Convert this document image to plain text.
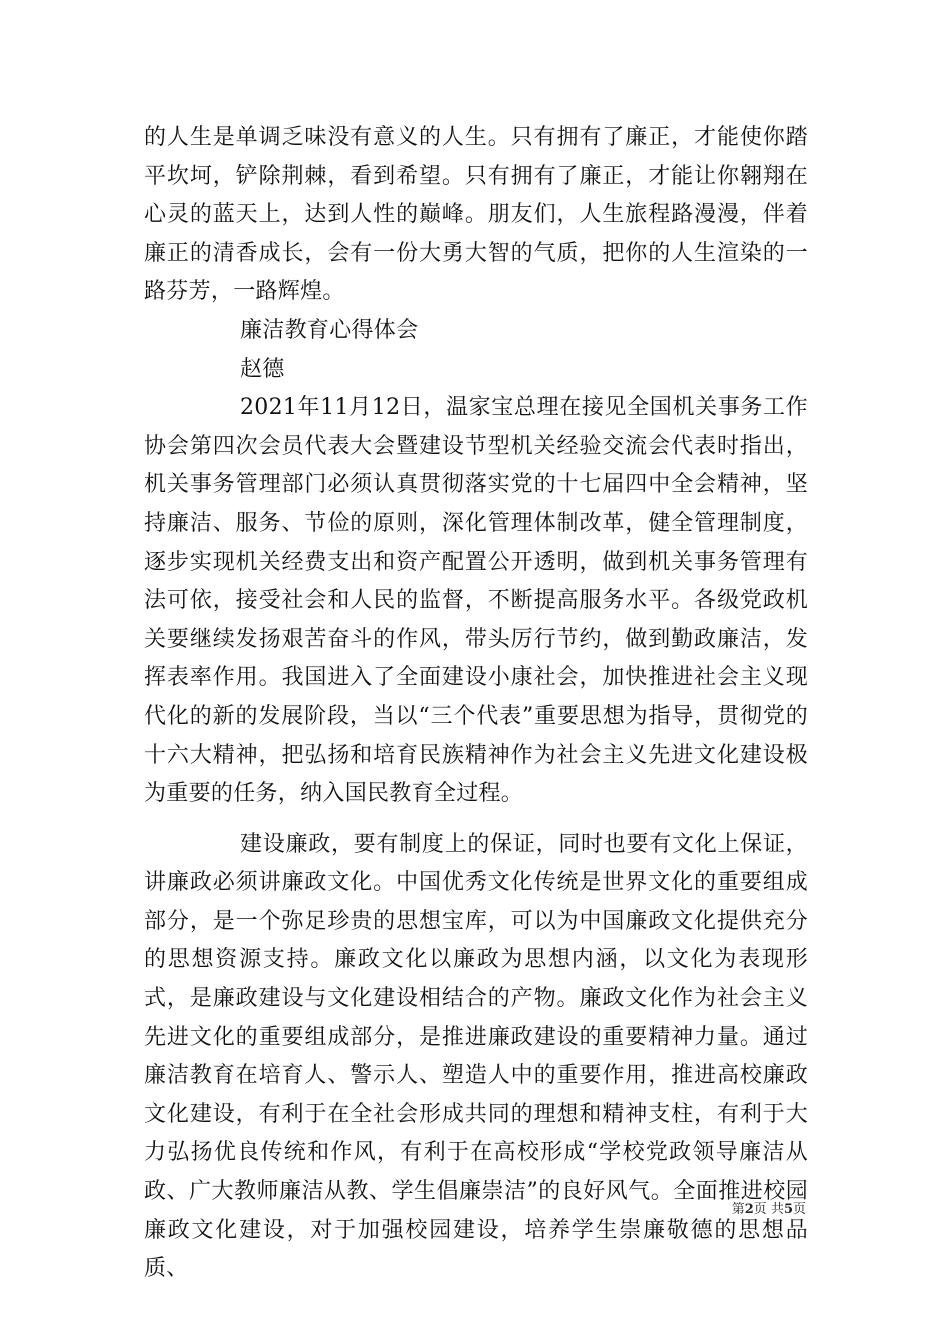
的人生是单调乏味没有意义的人生。只有拥有了廉正，才能使你踏平坎坷，铲除荆棘，看到希望。只有拥有了廉正，才能让你翱翔在心灵的蓝天上，达到人性的巅峰。朋友们，人生旅程路漫漫，伴着廉正的清香成长，会有一份大勇大智的气质，把你的人生渲染的一路芬芳，一路辉煌。

廉洁教育心得体会

赵德

2021年11月12日，温家宝总理在接见全国机关事务工作协会第四次会员代表大会暨建设节型机关经验交流会代表时指出，机关事务管理部门必须认真贯彻落实党的十七届四中全会精神，坚持廉洁、服务、节俭的原则，深化管理体制改革，健全管理制度，逐步实现机关经费支出和资产配置公开透明，做到机关事务管理有法可依，接受社会和人民的监督，不断提高服务水平。各级党政机关要继续发扬艰苦奋斗的作风，带头厉行节约，做到勤政廉洁，发挥表率作用。我国进入了全面建设小康社会，加快推进社会主义现代化的新的发展阶段，当以“三个代表”重要思想为指导，贯彻党的十六大精神，把弘扬和培育民族精神作为社会主义先进文化建设极为重要的任务，纳入国民教育全过程。

建设廉政，要有制度上的保证，同时也要有文化上保证，讲廉政必须讲廉政文化。中国优秀文化传统是世界文化的重要组成部分，是一个弥足珍贵的思想宝库，可以为中国廉政文化提供充分的思想资源支持。廉政文化以廉政为思想内涵，以文化为表现形式，是廉政建设与文化建设相结合的产物。廉政文化作为社会主义先进文化的重要组成部分，是推进廉政建设的重要精神力量。通过廉洁教育在培育人、警示人、塑造人中的重要作用，推进高校廉政文化建设，有利于在全社会形成共同的理想和精神支柱，有利于大力弘扬优良传统和作风，有利于在高校形成“学校党政领导廉洁从政、广大教师廉洁从教、学生倡廉崇洁”的良好风气。全面推进校园廉政文化建设，对于加强校园建设，培养学生崇廉敬德的思想品质、

第2页 共5页
